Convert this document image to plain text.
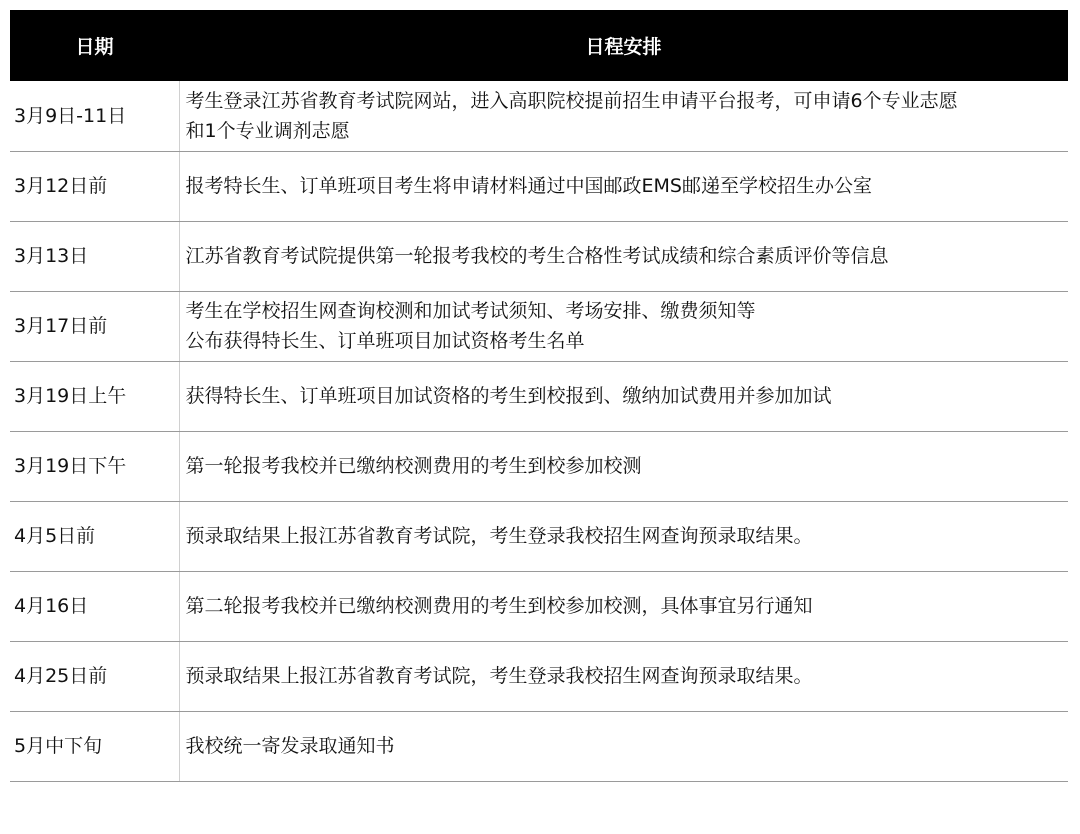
日期	日程安排
3月9日-11日	考生登录江苏省教育考试院网站，进入高职院校提前招生申请平台报考，可申请6个专业志愿
和1个专业调剂志愿

3月12日前	报考特长生、订单班项目考生将申请材料通过中国邮政EMS邮递至学校招生办公室

3月13日	江苏省教育考试院提供第一轮报考我校的考生合格性考试成绩和综合素质评价等信息

3月17日前	考生在学校招生网查询校测和加试考试须知、考场安排、缴费须知等
公布获得特长生、订单班项目加试资格考生名单

3月19日上午	获得特长生、订单班项目加试资格的考生到校报到、缴纳加试费用并参加加试

3月19日下午	第一轮报考我校并已缴纳校测费用的考生到校参加校测

4月5日前	预录取结果上报江苏省教育考试院，考生登录我校招生网查询预录取结果。

4月16日	第二轮报考我校并已缴纳校测费用的考生到校参加校测，具体事宜另行通知

4月25日前	预录取结果上报江苏省教育考试院，考生登录我校招生网查询预录取结果。

5月中下旬	我校统一寄发录取通知书
